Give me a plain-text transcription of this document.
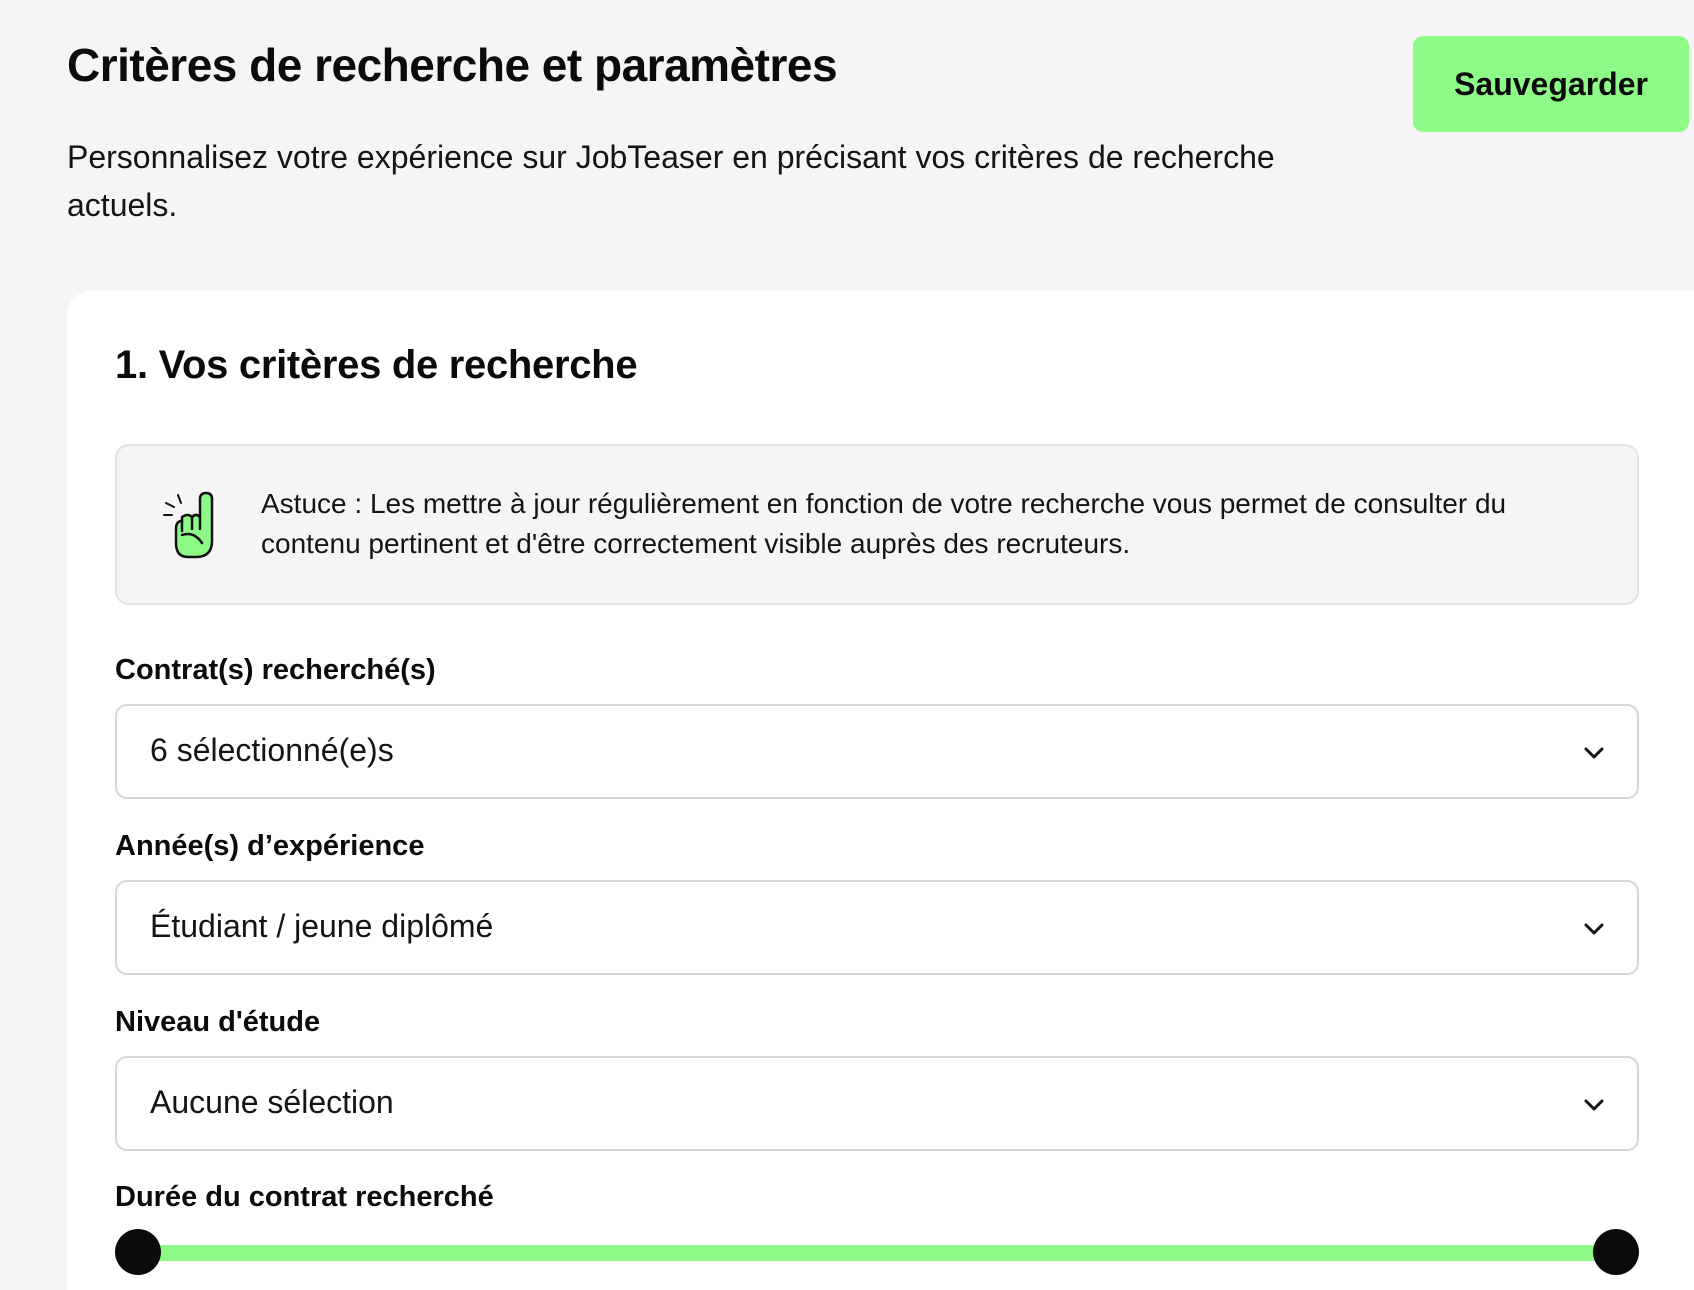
Critères de recherche et paramètres

Personnalisez votre expérience sur JobTeaser en précisant vos critères de recherche actuels.

Sauvegarder
1. Vos critères de recherche

Astuce : Les mettre à jour régulièrement en fonction de votre recherche vous permet de consulter du contenu pertinent et d'être correctement visible auprès des recruteurs.

Contrat(s) recherché(s)

6 sélectionné(e)s

Année(s) d’expérience

Étudiant / jeune diplômé

Niveau d'étude

Aucune sélection

Durée du contrat recherché
